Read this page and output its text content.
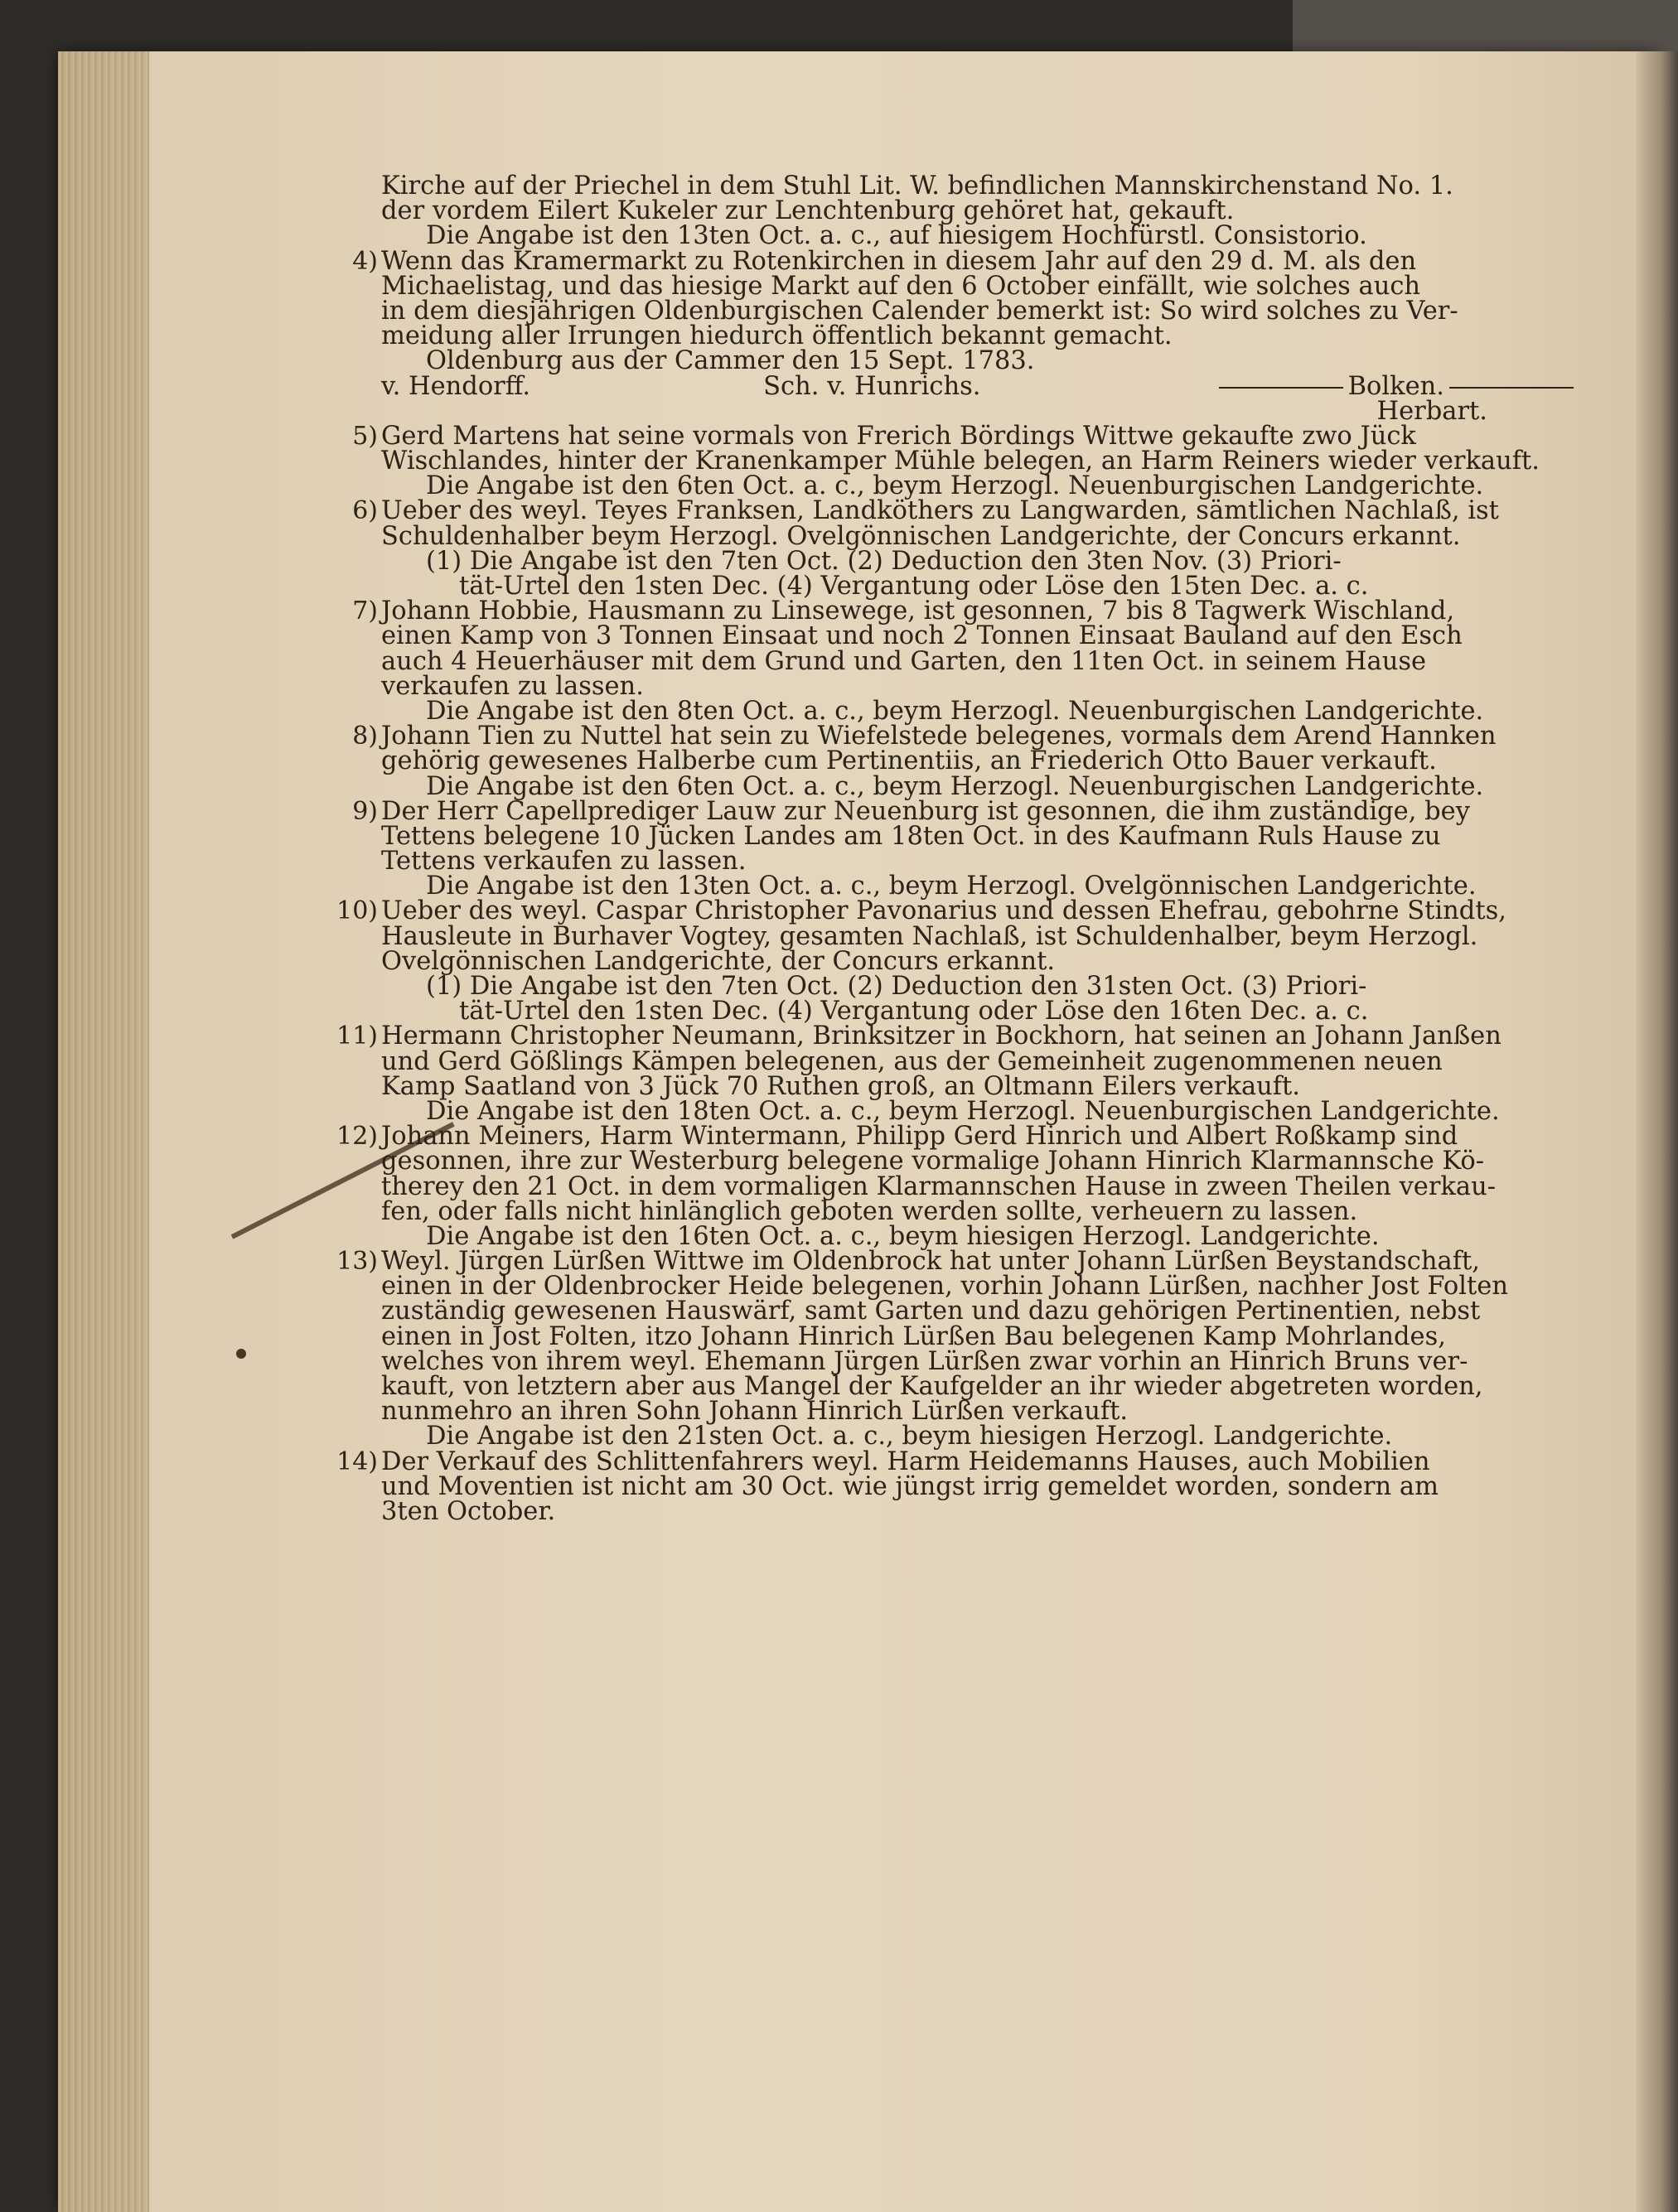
Kirche auf der Priechel in dem Stuhl Lit. W. befindlichen Mannskirchenstand No. 1.
der vordem Eilert Kukeler zur Lenchtenburg gehöret hat, gekauft.
Die Angabe ist den 13ten Oct. a. c., auf hiesigem Hochfürstl. Consistorio.
4) Wenn das Kramermarkt zu Rotenkirchen in diesem Jahr auf den 29 d. M. als den
Michaelistag, und das hiesige Markt auf den 6 October einfällt, wie solches auch
in dem diesjährigen Oldenburgischen Calender bemerkt ist: So wird solches zu Ver-
meidung aller Irrungen hiedurch öffentlich bekannt gemacht.
Oldenburg aus der Cammer den 15 Sept. 1783.
v. Hendorff.	Sch. v. Hunrichs.	Bolken.
Herbart.
5) Gerd Martens hat seine vormals von Frerich Bördings Wittwe gekaufte zwo Jück
Wischlandes, hinter der Kranenkamper Mühle belegen, an Harm Reiners wieder verkauft.
Die Angabe ist den 6ten Oct. a. c., beym Herzogl. Neuenburgischen Landgerichte.
6) Ueber des weyl. Teyes Franksen, Landköthers zu Langwarden, sämtlichen Nachlaß, ist
Schuldenhalber beym Herzogl. Ovelgönnischen Landgerichte, der Concurs erkannt.
(1) Die Angabe ist den 7ten Oct. (2) Deduction den 3ten Nov. (3) Priori-
tät-Urtel den 1sten Dec. (4) Vergantung oder Löse den 15ten Dec. a. c.
7) Johann Hobbie, Hausmann zu Linsewege, ist gesonnen, 7 bis 8 Tagwerk Wischland,
einen Kamp von 3 Tonnen Einsaat und noch 2 Tonnen Einsaat Bauland auf den Esch
auch 4 Heuerhäuser mit dem Grund und Garten, den 11ten Oct. in seinem Hause
verkaufen zu lassen.
Die Angabe ist den 8ten Oct. a. c., beym Herzogl. Neuenburgischen Landgerichte.
8) Johann Tien zu Nuttel hat sein zu Wiefelstede belegenes, vormals dem Arend Hannken
gehörig gewesenes Halberbe cum Pertinentiis, an Friederich Otto Bauer verkauft.
Die Angabe ist den 6ten Oct. a. c., beym Herzogl. Neuenburgischen Landgerichte.
9) Der Herr Capellprediger Lauw zur Neuenburg ist gesonnen, die ihm zuständige, bey
Tettens belegene 10 Jücken Landes am 18ten Oct. in des Kaufmann Ruls Hause zu
Tettens verkaufen zu lassen.
Die Angabe ist den 13ten Oct. a. c., beym Herzogl. Ovelgönnischen Landgerichte.
10) Ueber des weyl. Caspar Christopher Pavonarius und dessen Ehefrau, gebohrne Stindts,
Hausleute in Burhaver Vogtey, gesamten Nachlaß, ist Schuldenhalber, beym Herzogl.
Ovelgönnischen Landgerichte, der Concurs erkannt.
(1) Die Angabe ist den 7ten Oct. (2) Deduction den 31sten Oct. (3) Priori-
tät-Urtel den 1sten Dec. (4) Vergantung oder Löse den 16ten Dec. a. c.
11) Hermann Christopher Neumann, Brinksitzer in Bockhorn, hat seinen an Johann Janßen
und Gerd Gößlings Kämpen belegenen, aus der Gemeinheit zugenommenen neuen
Kamp Saatland von 3 Jück 70 Ruthen groß, an Oltmann Eilers verkauft.
Die Angabe ist den 18ten Oct. a. c., beym Herzogl. Neuenburgischen Landgerichte.
12) Johann Meiners, Harm Wintermann, Philipp Gerd Hinrich und Albert Roßkamp sind
gesonnen, ihre zur Westerburg belegene vormalige Johann Hinrich Klarmannsche Kö-
therey den 21 Oct. in dem vormaligen Klarmannschen Hause in zween Theilen verkau-
fen, oder falls nicht hinlänglich geboten werden sollte, verheuern zu lassen.
Die Angabe ist den 16ten Oct. a. c., beym hiesigen Herzogl. Landgerichte.
13) Weyl. Jürgen Lürßen Wittwe im Oldenbrock hat unter Johann Lürßen Beystandschaft,
einen in der Oldenbrocker Heide belegenen, vorhin Johann Lürßen, nachher Jost Folten
zuständig gewesenen Hauswärf, samt Garten und dazu gehörigen Pertinentien, nebst
einen in Jost Folten, itzo Johann Hinrich Lürßen Bau belegenen Kamp Mohrlandes,
welches von ihrem weyl. Ehemann Jürgen Lürßen zwar vorhin an Hinrich Bruns ver-
kauft, von letztern aber aus Mangel der Kaufgelder an ihr wieder abgetreten worden,
nunmehro an ihren Sohn Johann Hinrich Lürßen verkauft.
Die Angabe ist den 21sten Oct. a. c., beym hiesigen Herzogl. Landgerichte.
14) Der Verkauf des Schlittenfahrers weyl. Harm Heidemanns Hauses, auch Mobilien
und Moventien ist nicht am 30 Oct. wie jüngst irrig gemeldet worden, sondern am
3ten October.
